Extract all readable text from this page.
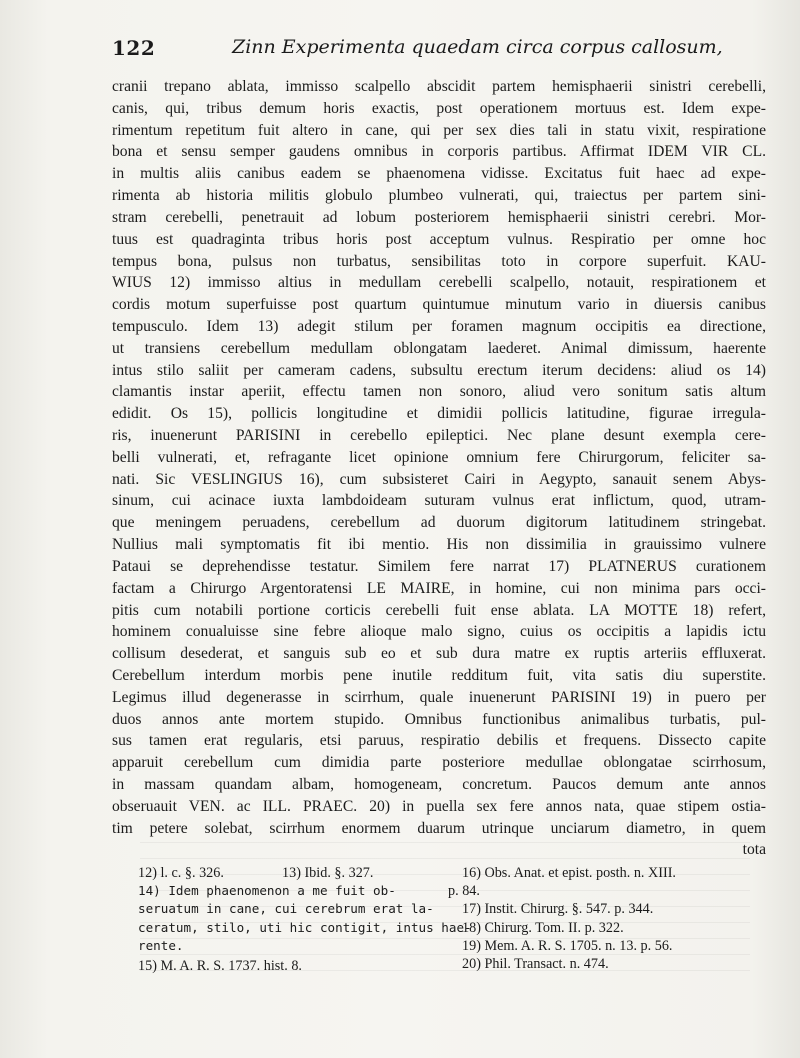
122	Zinn Experimenta quaedam circa corpus callosum,
cranii trepano ablata, immisso scalpello abscidit partem hemisphaerii sinistri cerebelli,
canis, qui, tribus demum horis exactis, post operationem mortuus est. Idem expe-
rimentum repetitum fuit altero in cane, qui per sex dies tali in statu vixit, respiratione
bona et sensu semper gaudens omnibus in corporis partibus. Affirmat IDEM VIR CL.
in multis aliis canibus eadem se phaenomena vidisse. Excitatus fuit haec ad expe-
rimenta ab historia militis globulo plumbeo vulnerati, qui, traiectus per partem sini-
stram cerebelli, penetrauit ad lobum posteriorem hemisphaerii sinistri cerebri. Mor-
tuus est quadraginta tribus horis post acceptum vulnus. Respiratio per omne hoc
tempus bona, pulsus non turbatus, sensibilitas toto in corpore superfuit. KAU-
WIUS 12) immisso altius in medullam cerebelli scalpello, notauit, respirationem et
cordis motum superfuisse post quartum quintumue minutum vario in diuersis canibus
tempusculo. Idem 13) adegit stilum per foramen magnum occipitis ea directione,
ut transiens cerebellum medullam oblongatam laederet. Animal dimissum, haerente
intus stilo saliit per cameram cadens, subsultu erectum iterum decidens: aliud os 14)
clamantis instar aperiit, effectu tamen non sonoro, aliud vero sonitum satis altum
edidit. Os 15), pollicis longitudine et dimidii pollicis latitudine, figurae irregula-
ris, inuenerunt PARISINI in cerebello epileptici. Nec plane desunt exempla cere-
belli vulnerati, et, refragante licet opinione omnium fere Chirurgorum, feliciter sa-
nati. Sic VESLINGIUS 16), cum subsisteret Cairi in Aegypto, sanauit senem Abys-
sinum, cui acinace iuxta lambdoideam suturam vulnus erat inflictum, quod, utram-
que meningem peruadens, cerebellum ad duorum digitorum latitudinem stringebat.
Nullius mali symptomatis fit ibi mentio. His non dissimilia in grauissimo vulnere
Pataui se deprehendisse testatur. Similem fere narrat 17) PLATNERUS curationem
factam a Chirurgo Argentoratensi LE MAIRE, in homine, cui non minima pars occi-
pitis cum notabili portione corticis cerebelli fuit ense ablata. LA MOTTE 18) refert,
hominem conualuisse sine febre alioque malo signo, cuius os occipitis a lapidis ictu
collisum desederat, et sanguis sub eo et sub dura matre ex ruptis arteriis effluxerat.
Cerebellum interdum morbis pene inutile redditum fuit, vita satis diu superstite.
Legimus illud degenerasse in scirrhum, quale inuenerunt PARISINI 19) in puero per
duos annos ante mortem stupido. Omnibus functionibus animalibus turbatis, pul-
sus tamen erat regularis, etsi paruus, respiratio debilis et frequens. Dissecto capite
apparuit cerebellum cum dimidia parte posteriore medullae oblongatae scirrhosum,
in massam quandam albam, homogeneam, concretum. Paucos demum ante annos
obseruauit VEN. ac ILL. PRAEC. 20) in puella sex fere annos nata, quae stipem ostia-
tim petere solebat, scirrhum enormem duarum utrinque unciarum diametro, in quem
tota
12) l. c. §. 326.
14) Idem phaenomenon a me fuit ob-
seruatum in cane, cui cerebrum erat la-
ceratum, stilo, uti hic contigit, intus hae-
rente.
15) M. A. R. S. 1737. hist. 8.
13) Ibid. §. 327.	16) Obs. Anat. et epist. posth. n. XIII.
p. 84.
17) Instit. Chirurg. §. 547. p. 344.
18) Chirurg. Tom. II. p. 322.
19) Mem. A. R. S. 1705. n. 13. p. 56.
20) Phil. Transact. n. 474.
